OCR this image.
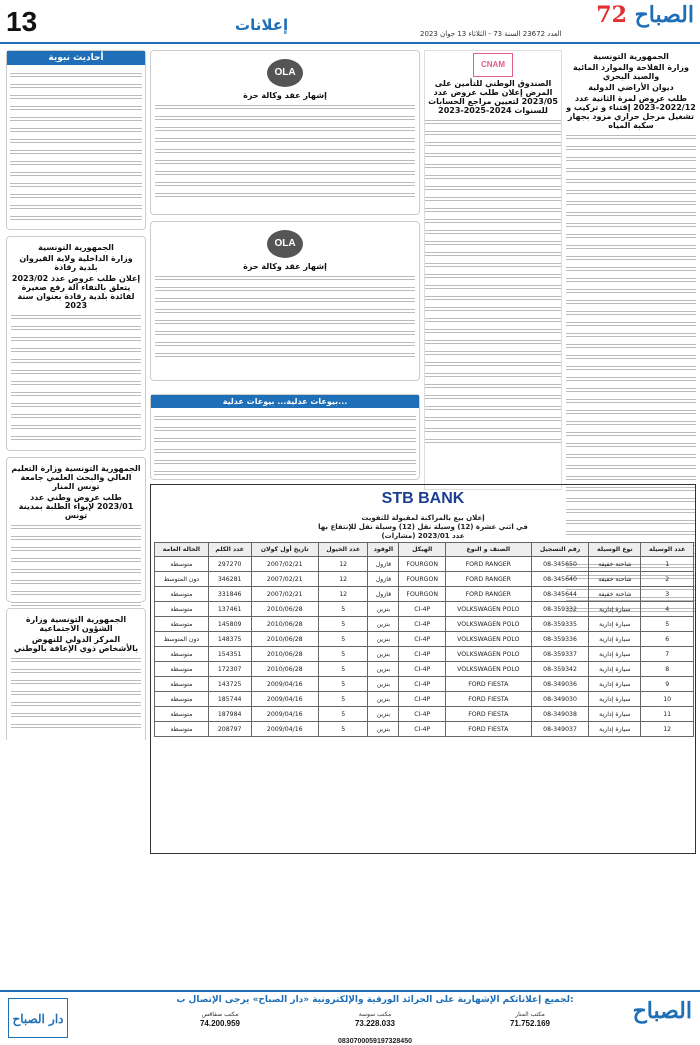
13	إعلانات	العدد 23672 السنة 73 - الثلاثاء 13 جوان 2023
72 الصباح
الجمهورية التونسية
وزارة الفلاحة والموارد المائية والصيد البحري
ديوان الأراضي الدولية
طلب عروض لمرة الثانية عدد 2022/12–2023 إقتناء و تركيب و تشغيل مرجل حراري مزود بجهاز سكبة المياه
CNAM
الصندوق الوطني للتأمين على المرض إعلان طلب عروض عدد 2023/05 لتعيين مراجع الحسابات للسنوات 2024-2025-2023
OLA
إشهار عقد وكالة حرة
OLA
إشهار عقد وكالة حرة
أحاديث نبوية
الجمهورية التونسية
وزارة الداخلية ولاية القيروان بلدية رقادة
إعلان طلب عروض عدد 2023/02 يتعلق بالتفاء آلة رفع صغيرة لفائدة بلدية رقادة بعنوان سنة 2023
الجمهورية التونسية وزارة التعليم العالي والبحث العلمي جامعة تونس المنار
طلب عروض وطني عدد 2023/01 لإيواء الطلبة بمدينة تونس
الجمهورية التونسية وزارة الشؤون الاجتماعية
المركز الدولي للنهوض بالأشخاص ذوي الإعاقة بالوطني
بيوعات عدلية... بيوعات عدلية...
STB BANK
إعلان بيع بالمراكنة لمقبولة للتفويت
في اثني عشرة (12) وسيلة نقل (12) وسيلة نقل للإنتفاع بها
عدد 2023/01 (مشارات)
الحالة العامة	عدد الكلم	تاريخ أول كولان	عدد الخيول	الوقود	الهيكل	الصنف و النوع	رقم التسجيل	نوع الوسيلة	عدد الوسيلة
متوسطة	297270	2007/02/21	12	قازول	FOURGON	FORD RANGER	08-345650	شاحنة خفيفة	1
دون المتوسط	346281	2007/02/21	12	قازول	FOURGON	FORD RANGER	08-345640	شاحنة خفيفة	2
متوسطة	331846	2007/02/21	12	قازول	FOURGON	FORD RANGER	08-345644	شاحنة خفيفة	3
متوسطة	137461	2010/06/28	5	بنزين	CI-4P	VOLKSWAGEN POLO	08-359332	سيارة إدارية	4
متوسطة	145809	2010/06/28	5	بنزين	CI-4P	VOLKSWAGEN POLO	08-359335	سيارة إدارية	5
دون المتوسط	148375	2010/06/28	5	بنزين	CI-4P	VOLKSWAGEN POLO	08-359336	سيارة إدارية	6
متوسطة	154351	2010/06/28	5	بنزين	CI-4P	VOLKSWAGEN POLO	08-359337	سيارة إدارية	7
متوسطة	172307	2010/06/28	5	بنزين	CI-4P	VOLKSWAGEN POLO	08-359342	سيارة إدارية	8
متوسطة	143725	2009/04/16	5	بنزين	CI-4P	FORD FIESTA	08-349036	سيارة إدارية	9
متوسطة	185744	2009/04/16	5	بنزين	CI-4P	FORD FIESTA	08-349030	سيارة إدارية	10
متوسطة	187984	2009/04/16	5	بنزين	CI-4P	FORD FIESTA	08-349038	سيارة إدارية	11
متوسطة	208797	2009/04/16	5	بنزين	CI-4P	FORD FIESTA	08-349037	سيارة إدارية	12
دار الصباح
لجميع إعلاناتكم الإشهارية على الجرائد الورقية والإلكترونية «دار الصباح» يرجى الإتصال ب:
مكتب صفاقس
74.200.959
مكتب سوسة
73.228.033
مكتب المنار
71.752.169
0830700059197328450
الصباح
